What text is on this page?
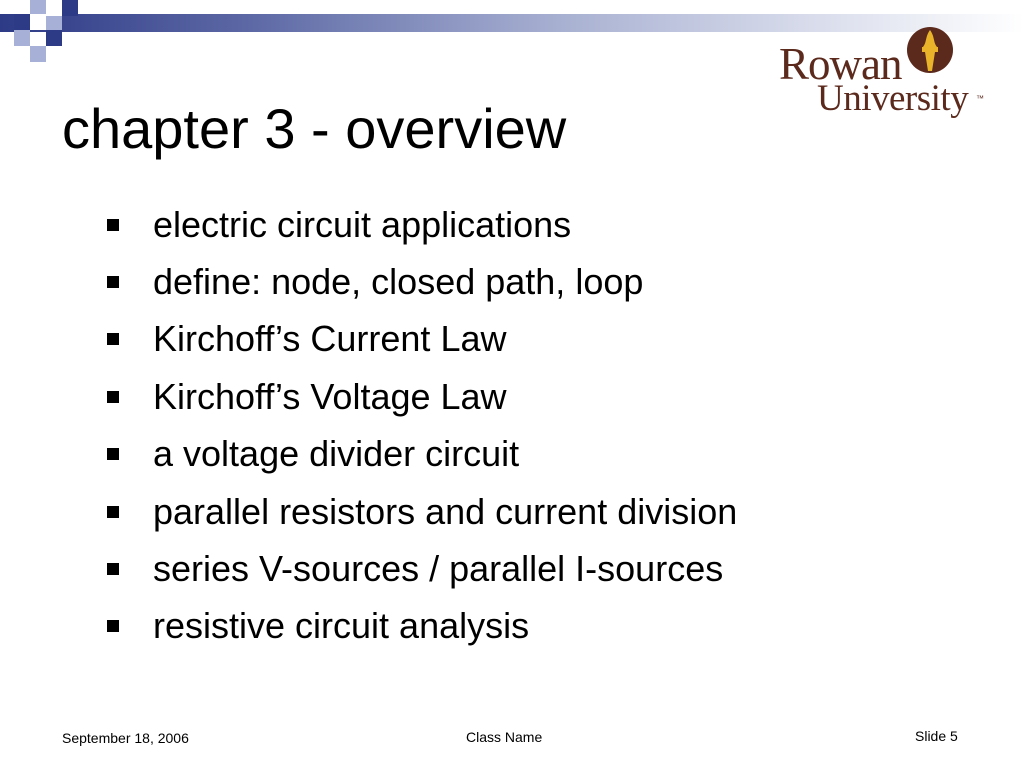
Rowan
University ™
chapter 3 - overview
electric circuit applications
define: node, closed path, loop
Kirchoff’s Current Law
Kirchoff’s Voltage Law
a voltage divider circuit
parallel resistors and current division
series V-sources / parallel I-sources
resistive circuit analysis
September 18, 2006	Class Name	Slide 5
